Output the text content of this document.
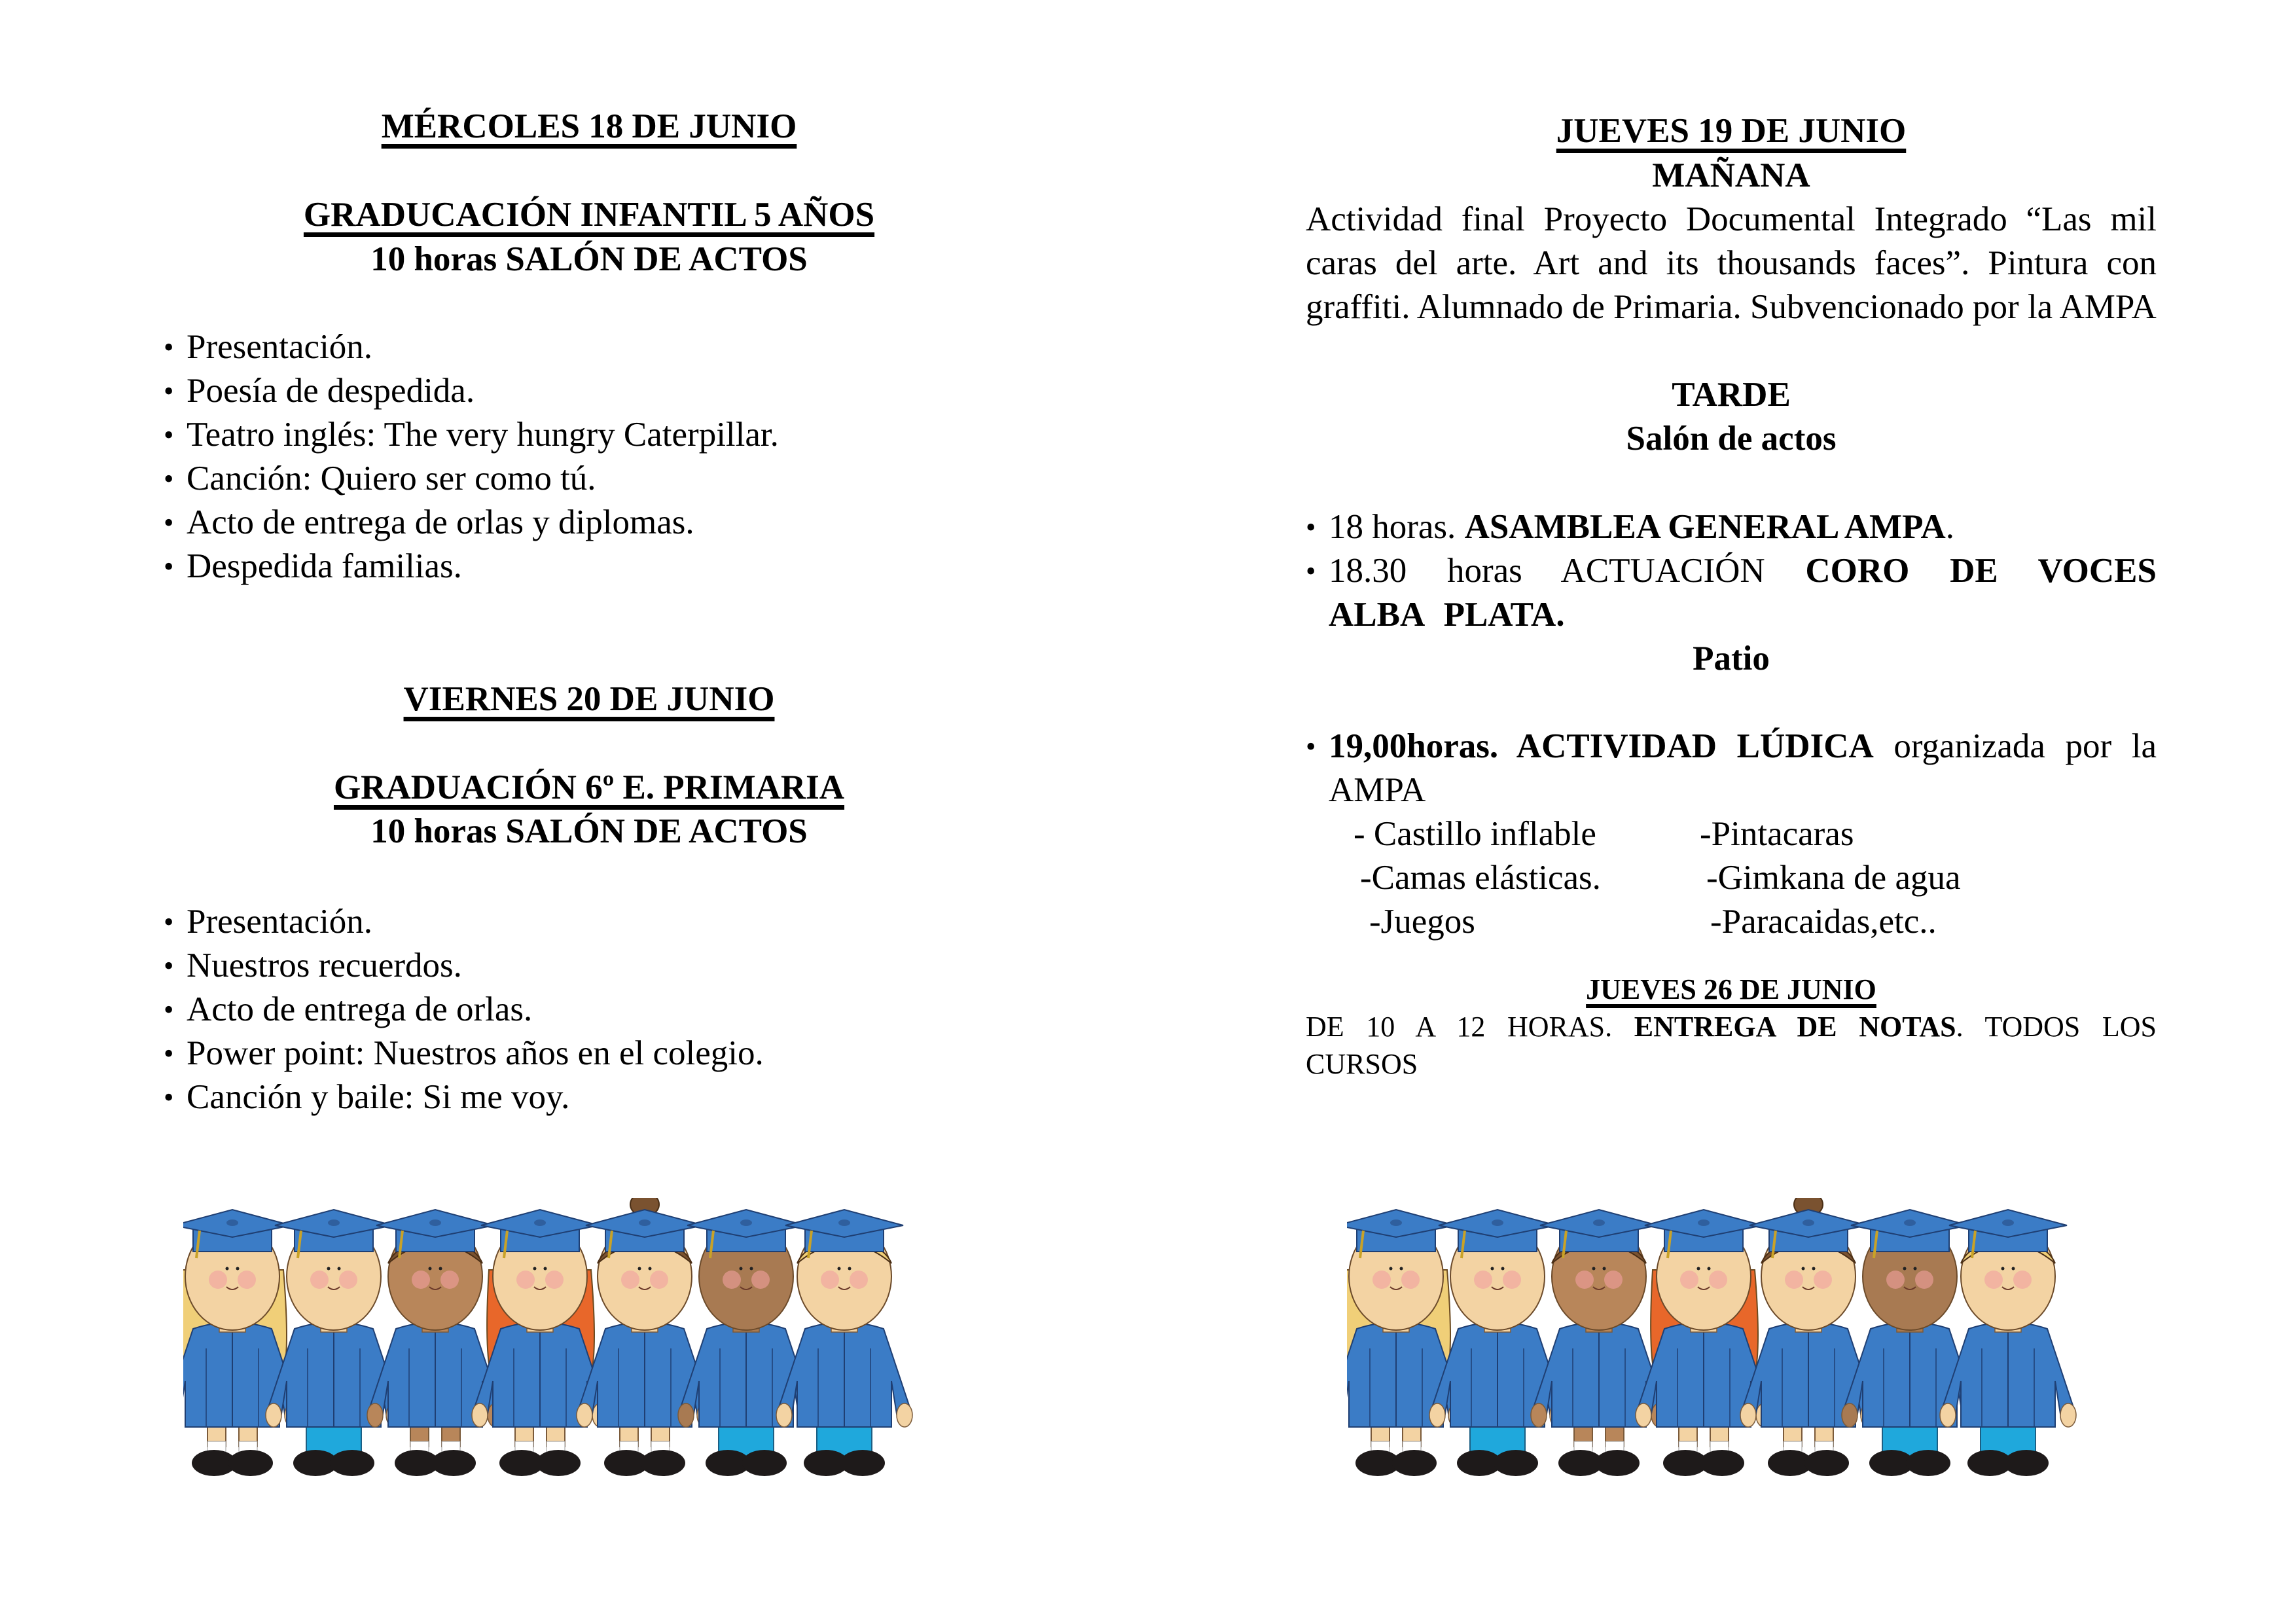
MÉRCOLES 18 DE JUNIO
GRADUCACIÓN INFANTIL 5 AÑOS
10 horas SALÓN DE ACTOS
• Presentación.
• Poesía de despedida.
• Teatro inglés: The very hungry Caterpillar.
• Canción: Quiero ser como tú.
• Acto de entrega de orlas y diplomas.
• Despedida familias.
VIERNES 20 DE JUNIO
GRADUACIÓN 6º E. PRIMARIA
10 horas SALÓN DE ACTOS
• Presentación.
• Nuestros recuerdos.
• Acto de entrega de orlas.
• Power point: Nuestros años en el colegio.
• Canción y baile: Si me voy.
JUEVES 19 DE JUNIO
MAÑANA
Actividad final Proyecto Documental Integrado “Las mil caras del arte. Art and its thousands faces”. Pintura con graffiti. Alumnado de Primaria. Subvencionado por la AMPA
TARDE
Salón de actos
• 18 horas. ASAMBLEA GENERAL AMPA.
• 18.30 horas ACTUACIÓN CORO DE VOCES ALBA PLATA.
Patio
• 19,00horas. ACTIVIDAD LÚDICA organizada por la AMPA
- Castillo inflable
-Camas elásticas.
-Juegos
-Pintacaras
-Gimkana de agua
-Paracaidas,etc..
JUEVES 26 DE JUNIO
DE 10 A 12 HORAS. ENTREGA DE NOTAS. TODOS LOS CURSOS
